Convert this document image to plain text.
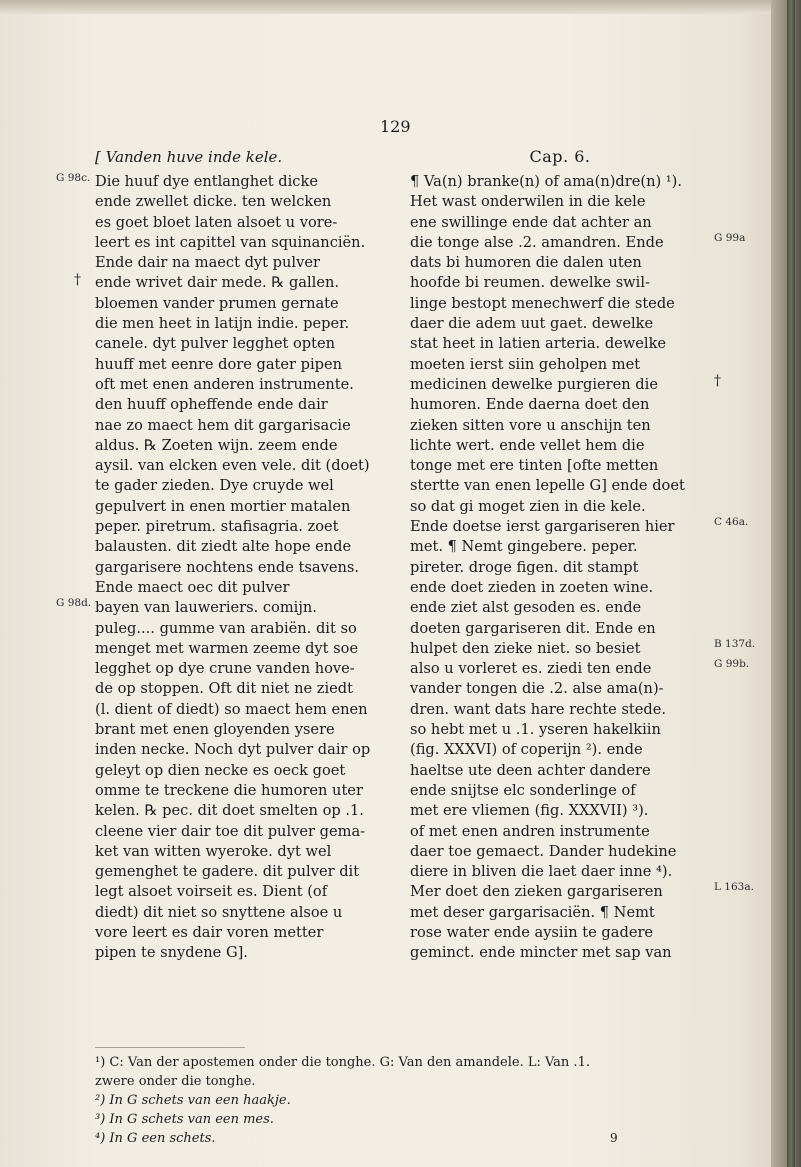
129
[ Vanden huve inde kele.
Die huuf dye entlanghet dicke
ende zwellet dicke. ten welcken
es goet bloet laten alsoet u vore-
leert es int capittel van squinanciën.
Ende dair na maect dyt pulver
ende wrivet dair mede. ℞ gallen.
bloemen vander prumen gernate
die men heet in latijn indie. peper.
canele. dyt pulver legghet opten
huuff met eenre dore gater pipen
oft met enen anderen instrumente.
den huuff opheffende ende dair
nae zo maect hem dit gargarisacie
aldus. ℞ Zoeten wijn. zeem ende
aysil. van elcken even vele. dit (doet)
te gader zieden. Dye cruyde wel
gepulvert in enen mortier matalen
peper. piretrum. stafisagria. zoet
balausten. dit ziedt alte hope ende
gargarisere nochtens ende tsavens.
Ende maect oec dit pulver
bayen van lauweriers. comijn.
puleg.... gumme van arabiën. dit so
menget met warmen zeeme dyt soe
legghet op dye crune vanden hove-
de op stoppen. Oft dit niet ne ziedt
(l. dient of diedt) so maect hem enen
brant met enen gloyenden ysere
inden necke. Noch dyt pulver dair op
geleyt op dien necke es oeck goet
omme te treckene die humoren uter
kelen. ℞ pec. dit doet smelten op .1.
cleene vier dair toe dit pulver gema-
ket van witten wyeroke. dyt wel
gemenghet te gadere. dit pulver dit
legt alsoet voirseit es. Dient (of
diedt) dit niet so snyttene alsoe u
vore leert es dair voren metter
pipen te snydene G].
Cap. 6.
¶ Va(n) branke(n) of ama(n)dre(n) ¹).
Het wast onderwilen in die kele
ene swillinge ende dat achter an
die tonge alse .2. amandren. Ende
dats bi humoren die dalen uten
hoofde bi reumen. dewelke swil-
linge bestopt menechwerf die stede
daer die adem uut gaet. dewelke
stat heet in latien arteria. dewelke
moeten ierst siin geholpen met
medicinen dewelke purgieren die
humoren. Ende daerna doet den
zieken sitten vore u anschijn ten
lichte wert. ende vellet hem die
tonge met ere tinten [ofte metten
stertte van enen lepelle G] ende doet
so dat gi moget zien in die kele.
Ende doetse ierst gargariseren hier
met. ¶ Nemt gingebere. peper.
pireter. droge figen. dit stampt
ende doet zieden in zoeten wine.
ende ziet alst gesoden es. ende
doeten gargariseren dit. Ende en
hulpet den zieke niet. so besiet
also u vorleret es. ziedi ten ende
vander tongen die .2. alse ama(n)-
dren. want dats hare rechte stede.
so hebt met u .1. yseren hakelkiin
(fig. XXXVI) of coperijn ²). ende
haeltse ute deen achter dandere
ende snijtse elc sonderlinge of
met ere vliemen (fig. XXXVII) ³).
of met enen andren instrumente
daer toe gemaect. Dander hudekine
diere in bliven die laet daer inne ⁴).
Mer doet den zieken gargariseren
met deser gargarisaciën. ¶ Nemt
rose water ende aysiin te gadere
geminct. ende mincter met sap van
G 98c.
†
G 98d.
G 99a
†
C 46a.
B 137d.
G 99b.
L 163a.
¹) C: Van der apostemen onder die tonghe. G: Van den amandele. L: Van .1.
zwere onder die tonghe.
²) In G schets van een haakje.
³) In G schets van een mes.
⁴) In G een schets.	9
